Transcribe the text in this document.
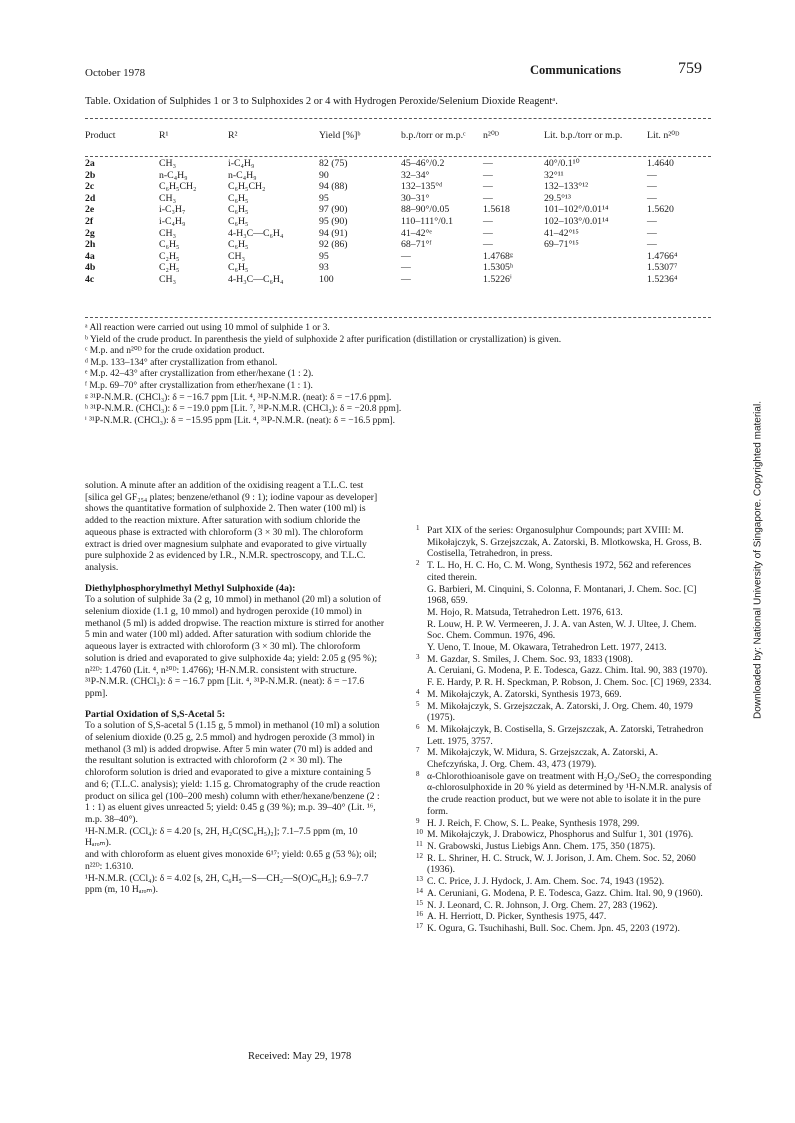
October 1978	Communications	759
Table. Oxidation of Sulphides 1 or 3 to Sulphoxides 2 or 4 with Hydrogen Peroxide/Selenium Dioxide Reagentᵃ.
Product	R¹	R²	Yield [%]ᵇ	b.p./torr or m.p.ᶜ	n²⁰ᴰ	Lit. b.p./torr or m.p.	Lit. n²⁰ᴰ
2a	CH₃	i-C₄H₉	82 (75)	45–46°/0.2	—	40°/0.1¹⁰	1.4640
2b	n-C₄H₉	n-C₄H₉	90	32–34°	—	32°¹¹	—
2c	C₆H₅CH₂	C₆H₅CH₂	94 (88)	132–135°ᵈ	—	132–133°¹²	—
2d	CH₃	C₆H₅	95	30–31°	—	29.5°¹³	—
2e	i-C₃H₇	C₆H₅	97 (90)	88–90°/0.05	1.5618	101–102°/0.01¹⁴	1.5620
2f	i-C₄H₉	C₆H₅	95 (90)	110–111°/0.1	—	102–103°/0.01¹⁴	—
2g	CH₃	4-H₃C—C₆H₄	94 (91)	41–42°ᵉ	—	41–42°¹⁵	—
2h	C₆H₅	C₆H₅	92 (86)	68–71°ᶠ	—	69–71°¹⁵	—
4a	C₂H₅	CH₃	95	—	1.4768ᵍ		1.4766⁴
4b	C₂H₅	C₆H₅	93	—	1.5305ʰ		1.5307⁷
4c	CH₃	4-H₃C—C₆H₄	100	—	1.5226ⁱ		1.5236⁴
ᵃ All reaction were carried out using 10 mmol of sulphide 1 or 3.
ᵇ Yield of the crude product. In parenthesis the yield of sulphoxide 2 after purification (distillation or crystallization) is given.
ᶜ M.p. and n²⁰ᴰ for the crude oxidation product.
ᵈ M.p. 133–134° after crystallization from ethanol.
ᵉ M.p. 42–43° after crystallization from ether/hexane (1 : 2).
ᶠ M.p. 69–70° after crystallization from ether/hexane (1 : 1).
ᵍ ³¹P-N.M.R. (CHCl₃): δ = −16.7 ppm [Lit. ⁴, ³¹P-N.M.R. (neat): δ = −17.6 ppm].
ʰ ³¹P-N.M.R. (CHCl₃): δ = −19.0 ppm [Lit. ⁷, ³¹P-N.M.R. (CHCl₃): δ = −20.8 ppm].
ⁱ ³¹P-N.M.R. (CHCl₃): δ = −15.95 ppm [Lit. ⁴, ³¹P-N.M.R. (neat): δ = −16.5 ppm].

solution. A minute after an addition of the oxidising reagent a T.L.C. test [silica gel GF₂₅₄ plates; benzene/ethanol (9 : 1); iodine vapour as developer] shows the quantitative formation of sulphoxide 2. Then water (100 ml) is added to the reaction mixture. After saturation with sodium chloride the aqueous phase is extracted with chloroform (3 × 30 ml). The chloroform extract is dried over magnesium sulphate and evaporated to give virtually pure sulphoxide 2 as evidenced by I.R., N.M.R. spectroscopy, and T.L.C. analysis.

Diethylphosphorylmethyl Methyl Sulphoxide (4a):

To a solution of sulphide 3a (2 g, 10 mmol) in methanol (20 ml) a solution of selenium dioxide (1.1 g, 10 mmol) and hydrogen peroxide (10 mmol) in methanol (5 ml) is added dropwise. The reaction mixture is stirred for another 5 min and water (100 ml) added. After saturation with sodium chloride the aqueous layer is extracted with chloroform (3 × 30 ml). The chloroform solution is dried and evaporated to give sulphoxide 4a; yield: 2.05 g (95 %); n²²ᴰ: 1.4760 (Lit. ⁴, n²⁰ᴰ: 1.4766); ¹H-N.M.R. consistent with structure.

³¹P-N.M.R. (CHCl₃): δ = −16.7 ppm [Lit. ⁴, ³¹P-N.M.R. (neat): δ = −17.6 ppm].

Partial Oxidation of S,S-Acetal 5:

To a solution of S,S-acetal 5 (1.15 g, 5 mmol) in methanol (10 ml) a solution of selenium dioxide (0.25 g, 2.5 mmol) and hydrogen peroxide (3 mmol) in methanol (3 ml) is added dropwise. After 5 min water (70 ml) is added and the resultant solution is extracted with chloroform (2 × 30 ml). The chloroform solution is dried and evaporated to give a mixture containing 5 and 6; (T.L.C. analysis); yield: 1.15 g. Chromatography of the crude reaction product on silica gel (100–200 mesh) column with ether/hexane/benzene (2 : 1 : 1) as eluent gives unreacted 5; yield: 0.45 g (39 %); m.p. 39–40° (Lit. ¹⁶, m.p. 38–40°).

¹H-N.M.R. (CCl₄): δ = 4.20 [s, 2H, H₂C(SC₆H₅)₂]; 7.1–7.5 ppm (m, 10 Hₐᵣₒₘ).

and with chloroform as eluent gives monoxide 6¹⁷; yield: 0.65 g (53 %); oil; n²²ᴰ: 1.6310.

¹H-N.M.R. (CCl₄): δ = 4.02 [s, 2H, C₆H₅—S—CH₂—S(O)C₆H₅]; 6.9–7.7 ppm (m, 10 Hₐᵣₒₘ).

1 Part XIX of the series: Organosulphur Compounds; part XVIII: M. Mikołajczyk, S. Grzejszczak, A. Zatorski, B. Mlotkowska, H. Gross, B. Costisella, Tetrahedron, in press.
2 T. L. Ho, H. C. Ho, C. M. Wong, Synthesis 1972, 562 and references cited therein.
G. Barbieri, M. Cinquini, S. Colonna, F. Montanari, J. Chem. Soc. [C] 1968, 659.
M. Hojo, R. Matsuda, Tetrahedron Lett. 1976, 613.
R. Louw, H. P. W. Vermeeren, J. J. A. van Asten, W. J. Ultee, J. Chem. Soc. Chem. Commun. 1976, 496.
Y. Ueno, T. Inoue, M. Okawara, Tetrahedron Lett. 1977, 2413.
3 M. Gazdar, S. Smiles, J. Chem. Soc. 93, 1833 (1908).
A. Ceruiani, G. Modena, P. E. Todesca, Gazz. Chim. Ital. 90, 383 (1970).
F. E. Hardy, P. R. H. Speckman, P. Robson, J. Chem. Soc. [C] 1969, 2334.
4 M. Mikołajczyk, A. Zatorski, Synthesis 1973, 669.
5 M. Mikołajczyk, S. Grzejszczak, A. Zatorski, J. Org. Chem. 40, 1979 (1975).
6 M. Mikołajczyk, B. Costisella, S. Grzejszczak, A. Zatorski, Tetrahedron Lett. 1975, 3757.
7 M. Mikołajczyk, W. Midura, S. Grzejszczak, A. Zatorski, A. Chefczyńska, J. Org. Chem. 43, 473 (1979).
8 α-Chlorothioanisole gave on treatment with H₂O₂/SeO₂ the corresponding α-chlorosulphoxide in 20 % yield as determined by ¹H-N.M.R. analysis of the crude reaction product, but we were not able to isolate it in the pure form.
9 H. J. Reich, F. Chow, S. L. Peake, Synthesis 1978, 299.
10 M. Mikołajczyk, J. Drabowicz, Phosphorus and Sulfur 1, 301 (1976).
11 N. Grabowski, Justus Liebigs Ann. Chem. 175, 350 (1875).
12 R. L. Shriner, H. C. Struck, W. J. Jorison, J. Am. Chem. Soc. 52, 2060 (1936).
13 C. C. Price, J. J. Hydock, J. Am. Chem. Soc. 74, 1943 (1952).
14 A. Ceruniani, G. Modena, P. E. Todesca, Gazz. Chim. Ital. 90, 9 (1960).
15 N. J. Leonard, C. R. Johnson, J. Org. Chem. 27, 283 (1962).
16 A. H. Herriott, D. Picker, Synthesis 1975, 447.
17 K. Ogura, G. Tsuchihashi, Bull. Soc. Chem. Jpn. 45, 2203 (1972).
Received: May 29, 1978
Downloaded by: National University of Singapore. Copyrighted material.
